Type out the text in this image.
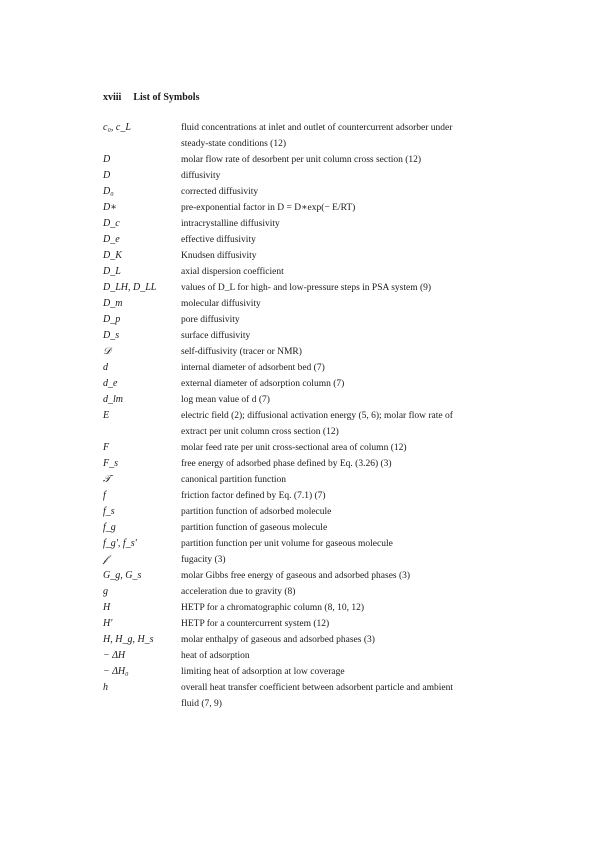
xviii List of Symbols
c₀, c_L	fluid concentrations at inlet and outlet of countercurrent adsorber under steady-state conditions (12)
D	molar flow rate of desorbent per unit column cross section (12)
D	diffusivity
D₀	corrected diffusivity
D∗	pre-exponential factor in D = D∗exp(− E/RT)
D_c	intracrystalline diffusivity
D_e	effective diffusivity
D_K	Knudsen diffusivity
D_L	axial dispersion coefficient
D_LH, D_LL	values of D_L for high- and low-pressure steps in PSA system (9)
D_m	molecular diffusivity
D_p	pore diffusivity
D_s	surface diffusivity
𝒟	self-diffusivity (tracer or NMR)
d	internal diameter of adsorbent bed (7)
d_e	external diameter of adsorption column (7)
d_lm	log mean value of d (7)
E	electric field (2); diffusional activation energy (5, 6); molar flow rate of extract per unit column cross section (12)
F	molar feed rate per unit cross-sectional area of column (12)
F_s	free energy of adsorbed phase defined by Eq. (3.26) (3)
𝒯	canonical partition function
f	friction factor defined by Eq. (7.1) (7)
f_s	partition function of adsorbed molecule
f_g	partition function of gaseous molecule
f_g', f_s'	partition function per unit volume for gaseous molecule
𝒻	fugacity (3)
G_g, G_s	molar Gibbs free energy of gaseous and adsorbed phases (3)
g	acceleration due to gravity (8)
H	HETP for a chromatographic column (8, 10, 12)
H'	HETP for a countercurrent system (12)
H, H_g, H_s	molar enthalpy of gaseous and adsorbed phases (3)
− ΔH	heat of adsorption
− ΔH₀	limiting heat of adsorption at low coverage
h	overall heat transfer coefficient between adsorbent particle and ambient fluid (7, 9)
